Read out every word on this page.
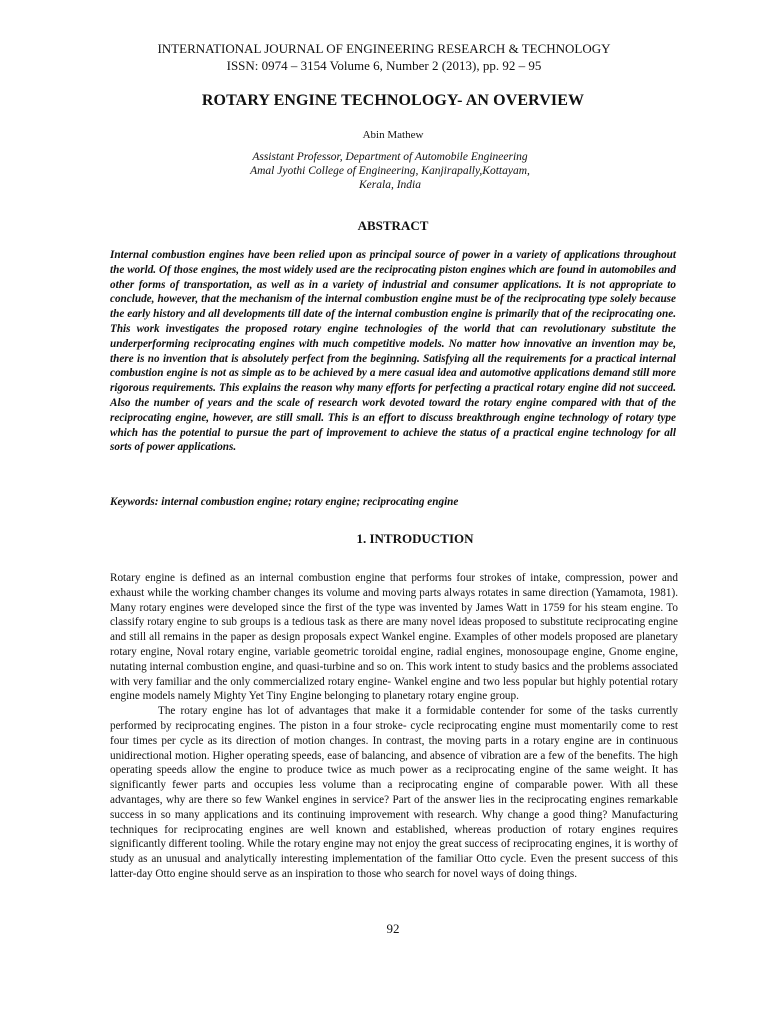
INTERNATIONAL JOURNAL OF ENGINEERING RESEARCH & TECHNOLOGY
ISSN: 0974 – 3154 Volume 6, Number 2 (2013), pp. 92 – 95
ROTARY ENGINE TECHNOLOGY- AN OVERVIEW
Abin Mathew
Assistant Professor, Department of Automobile Engineering
Amal Jyothi College of Engineering, Kanjirapally,Kottayam,
Kerala, India
ABSTRACT

Internal combustion engines have been relied upon as principal source of power in a variety of applications throughout the world. Of those engines, the most widely used are the reciprocating piston engines which are found in automobiles and other forms of transportation, as well as in a variety of industrial and consumer applications. It is not appropriate to conclude, however, that the mechanism of the internal combustion engine must be of the reciprocating type solely because the early history and all developments till date of the internal combustion engine is primarily that of the reciprocating one. This work investigates the proposed rotary engine technologies of the world that can revolutionary substitute the underperforming reciprocating engines with much competitive models. No matter how innovative an invention may be, there is no invention that is absolutely perfect from the beginning. Satisfying all the requirements for a practical internal combustion engine is not as simple as to be achieved by a mere casual idea and automotive applications demand still more rigorous requirements. This explains the reason why many efforts for perfecting a practical rotary engine did not succeed. Also the number of years and the scale of research work devoted toward the rotary engine compared with that of the reciprocating engine, however, are still small. This is an effort to discuss breakthrough engine technology of rotary type which has the potential to pursue the part of improvement to achieve the status of a practical engine technology for all sorts of power applications.

Keywords: internal combustion engine; rotary engine; reciprocating engine

1. INTRODUCTION

Rotary engine is defined as an internal combustion engine that performs four strokes of intake, compression, power and exhaust while the working chamber changes its volume and moving parts always rotates in same direction (Yamamota, 1981). Many rotary engines were developed since the first of the type was invented by James Watt in 1759 for his steam engine. To classify rotary engine to sub groups is a tedious task as there are many novel ideas proposed to substitute reciprocating engine and still all remains in the paper as design proposals expect Wankel engine. Examples of other models proposed are planetary rotary engine, Noval rotary engine, variable geometric toroidal engine, radial engines, monosoupage engine, Gnome engine, nutating internal combustion engine, and quasi-turbine and so on. This work intent to study basics and the problems associated with very familiar and the only commercialized rotary engine- Wankel engine and two less popular but highly potential rotary engine models namely Mighty Yet Tiny Engine belonging to planetary rotary engine group.

The rotary engine has lot of advantages that make it a formidable contender for some of the tasks currently performed by reciprocating engines. The piston in a four stroke- cycle reciprocating engine must momentarily come to rest four times per cycle as its direction of motion changes. In contrast, the moving parts in a rotary engine are in continuous unidirectional motion. Higher operating speeds, ease of balancing, and absence of vibration are a few of the benefits. The high operating speeds allow the engine to produce twice as much power as a reciprocating engine of the same weight. It has significantly fewer parts and occupies less volume than a reciprocating engine of comparable power. With all these advantages, why are there so few Wankel engines in service? Part of the answer lies in the reciprocating engines remarkable success in so many applications and its continuing improvement with research. Why change a good thing? Manufacturing techniques for reciprocating engines are well known and established, whereas production of rotary engines requires significantly different tooling. While the rotary engine may not enjoy the great success of reciprocating engines, it is worthy of study as an unusual and analytically interesting implementation of the familiar Otto cycle. Even the present success of this latter-day Otto engine should serve as an inspiration to those who search for novel ways of doing things.

92
